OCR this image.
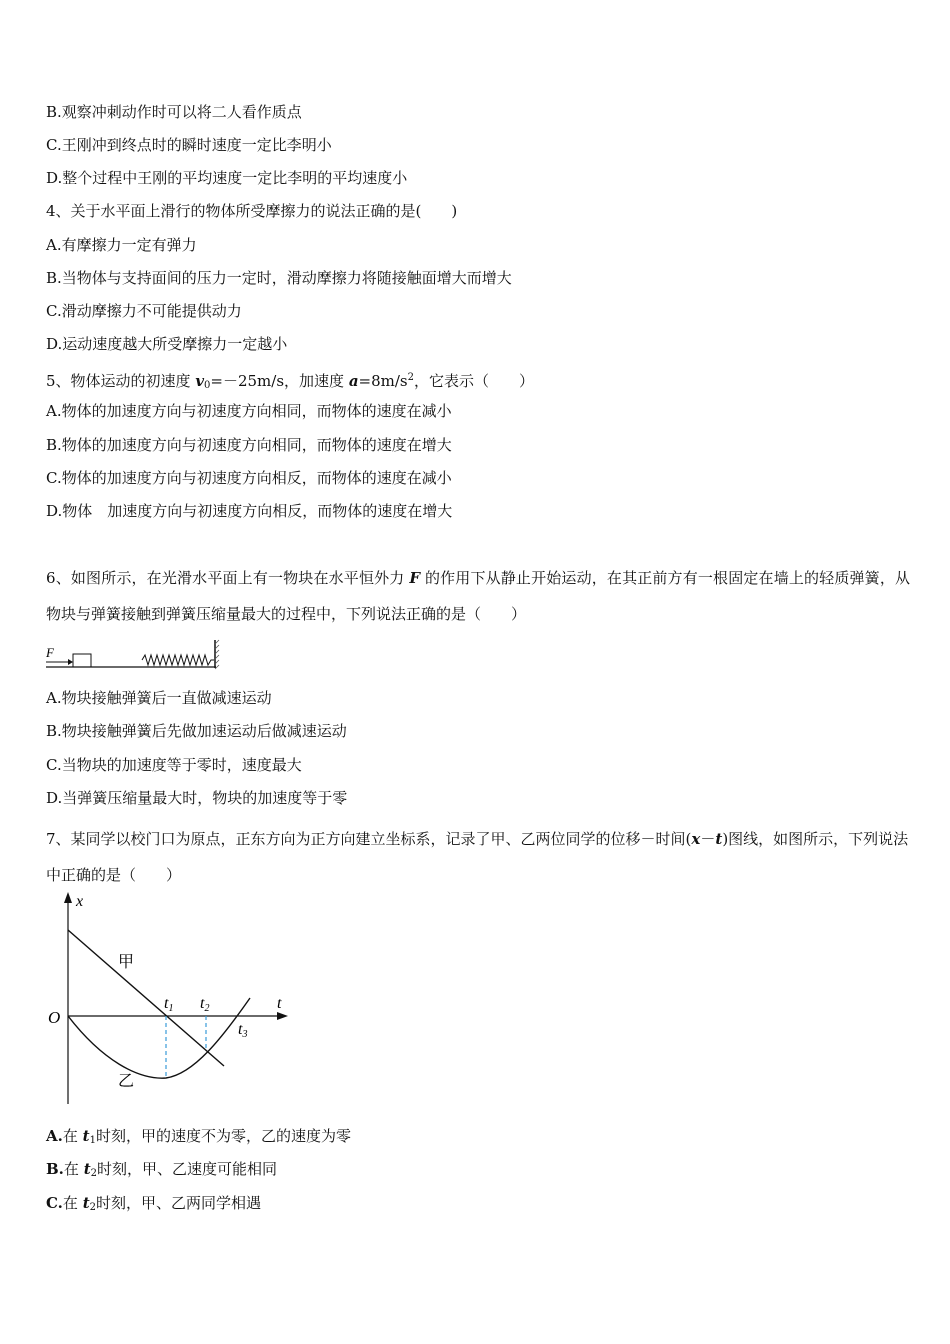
B.观察冲刺动作时可以将二人看作质点
C.王刚冲到终点时的瞬时速度一定比李明小
D.整个过程中王刚的平均速度一定比李明的平均速度小
4、关于水平面上滑行的物体所受摩擦力的说法正确的是(　　)
A.有摩擦力一定有弹力
B.当物体与支持面间的压力一定时，滑动摩擦力将随接触面增大而增大
C.滑动摩擦力不可能提供动力
D.运动速度越大所受摩擦力一定越小
5、物体运动的初速度 $v_0=-25m/s$，加速度 $a=8m/s^2$，它表示（　　）
A.物体的加速度方向与初速度方向相同，而物体的速度在减小
B.物体的加速度方向与初速度方向相同，而物体的速度在增大
C.物体的加速度方向与初速度方向相反，而物体的速度在减小
D.物体　加速度方向与初速度方向相反，而物体的速度在增大
6、如图所示，在光滑水平面上有一物块在水平恒外力 F 的作用下从静止开始运动，在其正前方有一根固定在墙上的轻质弹簧，从物块与弹簧接触到弹簧压缩量最大的过程中，下列说法正确的是（　　）
F
A.物块接触弹簧后一直做减速运动
B.物块接触弹簧后先做加速运动后做减速运动
C.当物块的加速度等于零时，速度最大
D.当弹簧压缩量最大时，物块的加速度等于零
7、某同学以校门口为原点，正东方向为正方向建立坐标系，记录了甲、乙两位同学的位移－时间(x－t)图线，如图所示，下列说法中正确的是（　　）
x
t
O
甲
乙
t1 t2
t3
A.在 $t_1$时刻，甲的速度不为零，乙的速度为零
B.在 $t_2$时刻，甲、乙速度可能相同
C.在 $t_2$时刻，甲、乙两同学相遇
